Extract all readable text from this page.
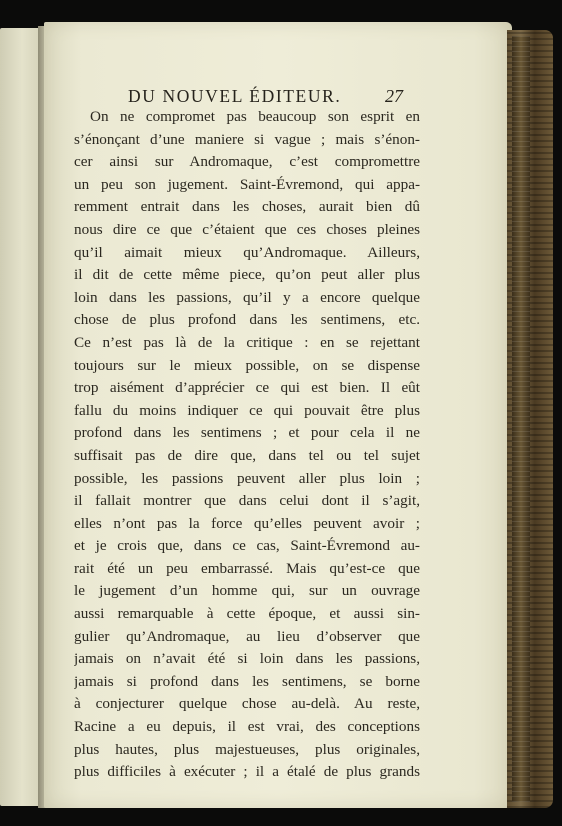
DU NOUVEL ÉDITEUR. 27
On ne compromet pas beaucoup son esprit en
s’énonçant d’une maniere si vague ; mais s’énon-
cer ainsi sur Andromaque, c’est compromettre
un peu son jugement. Saint-Évremond, qui appa-
remment entrait dans les choses, aurait bien dû
nous dire ce que c’étaient que ces choses pleines
qu’il aimait mieux qu’Andromaque. Ailleurs,
il dit de cette même piece, qu’on peut aller plus
loin dans les passions, qu’il y a encore quelque
chose de plus profond dans les sentimens, etc.
Ce n’est pas là de la critique : en se rejettant
toujours sur le mieux possible, on se dispense
trop aisément d’apprécier ce qui est bien. Il eût
fallu du moins indiquer ce qui pouvait être plus
profond dans les sentimens ; et pour cela il ne
suffisait pas de dire que, dans tel ou tel sujet
possible, les passions peuvent aller plus loin ;
il fallait montrer que dans celui dont il s’agit,
elles n’ont pas la force qu’elles peuvent avoir ;
et je crois que, dans ce cas, Saint-Évremond au-
rait été un peu embarrassé. Mais qu’est-ce que
le jugement d’un homme qui, sur un ouvrage
aussi remarquable à cette époque, et aussi sin-
gulier qu’Andromaque, au lieu d’observer que
jamais on n’avait été si loin dans les passions,
jamais si profond dans les sentimens, se borne
à conjecturer quelque chose au-delà. Au reste,
Racine a eu depuis, il est vrai, des conceptions
plus hautes, plus majestueuses, plus originales,
plus difficiles à exécuter ; il a étalé de plus grands
